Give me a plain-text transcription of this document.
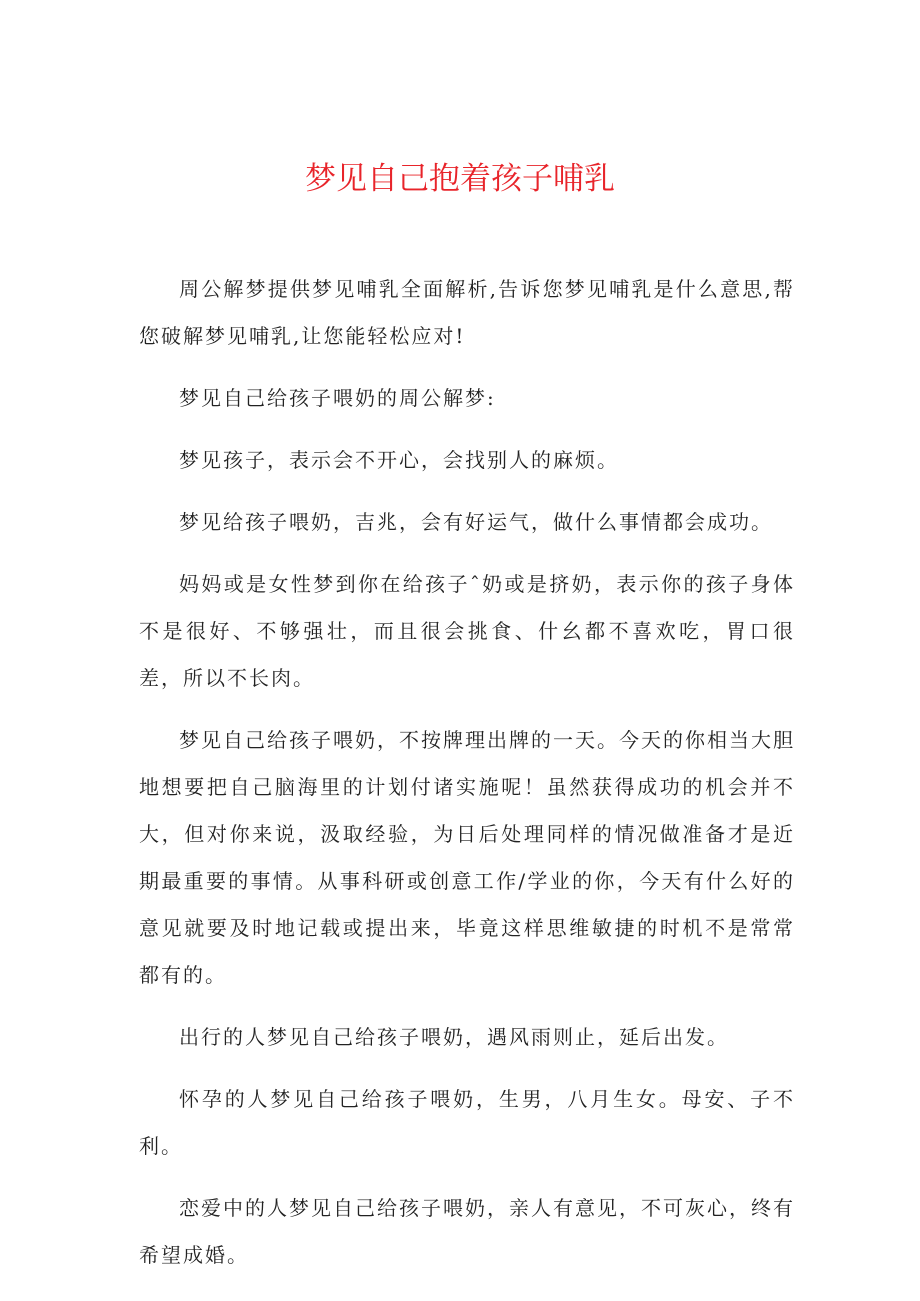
梦见自己抱着孩子哺乳

周公解梦提供梦见哺乳全面解析,告诉您梦见哺乳是什么意思,帮您破解梦见哺乳,让您能轻松应对!

梦见自己给孩子喂奶的周公解梦:

梦见孩子，表示会不开心，会找别人的麻烦。

梦见给孩子喂奶，吉兆，会有好运气，做什么事情都会成功。

妈妈或是女性梦到你在给孩子ˆ奶或是挤奶，表示你的孩子身体不是很好、不够强壮，而且很会挑食、什幺都不喜欢吃，胃口很差，所以不长肉。

梦见自己给孩子喂奶，不按牌理出牌的一天。今天的你相当大胆地想要把自己脑海里的计划付诸实施呢！虽然获得成功的机会并不大，但对你来说，汲取经验，为日后处理同样的情况做准备才是近期最重要的事情。从事科研或创意工作/学业的你，今天有什么好的意见就要及时地记载或提出来，毕竟这样思维敏捷的时机不是常常都有的。

出行的人梦见自己给孩子喂奶，遇风雨则止，延后出发。

怀孕的人梦见自己给孩子喂奶，生男，八月生女。母安、子不利。

恋爱中的人梦见自己给孩子喂奶，亲人有意见，不可灰心，终有希望成婚。
